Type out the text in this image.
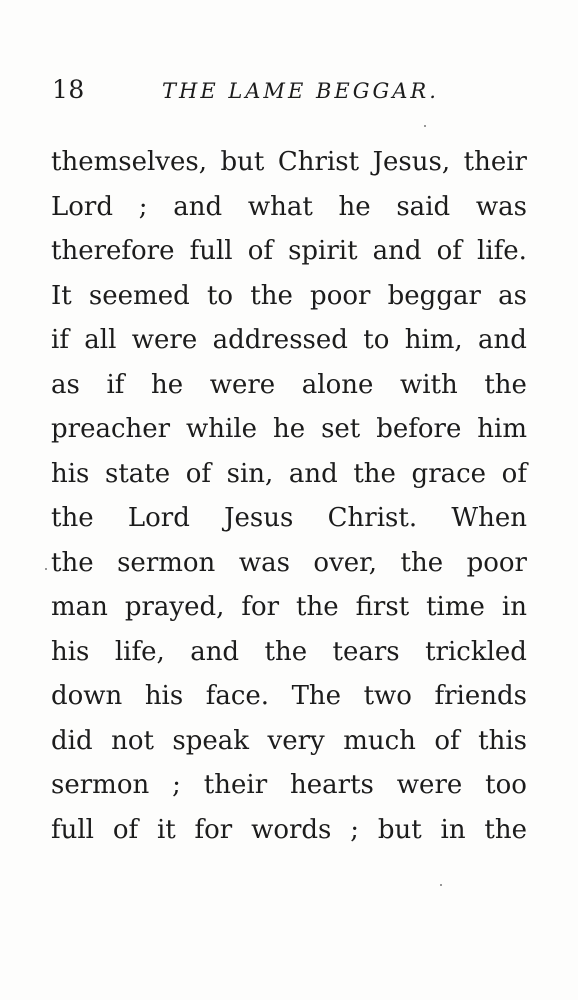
18	THE LAME BEGGAR.
themselves, but Christ Jesus, their
Lord ; and what he said was
therefore full of spirit and of life.
It seemed to the poor beggar as
if all were addressed to him, and
as if he were alone with the
preacher while he set before him
his state of sin, and the grace of
the Lord Jesus Christ. When
the sermon was over, the poor
man prayed, for the first time in
his life, and the tears trickled
down his face. The two friends
did not speak very much of this
sermon ; their hearts were too
full of it for words ; but in the
